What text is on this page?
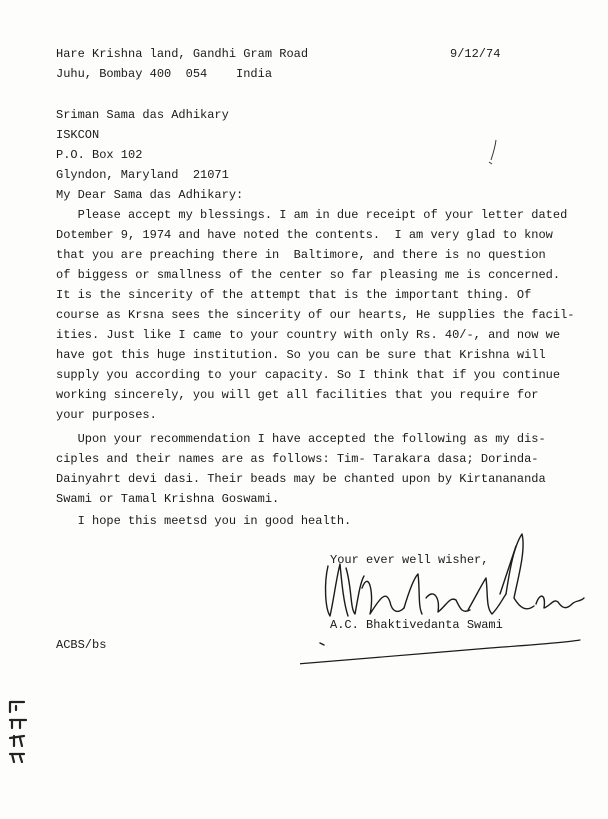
Hare Krishna land, Gandhi Gram Road
Juhu, Bombay 400  054    India
9/12/74
Sriman Sama das Adhikary
ISKCON
P.O. Box 102
Glyndon, Maryland  21071
My Dear Sama das Adhikary:
Please accept my blessings. I am in due receipt of your letter dated
Dotember 9, 1974 and have noted the contents.  I am very glad to know
that you are preaching there in  Baltimore, and there is no question
of biggess or smallness of the center so far pleasing me is concerned.
It is the sincerity of the attempt that is the important thing. Of
course as Krsna sees the sincerity of our hearts, He supplies the facil-
ities. Just like I came to your country with only Rs. 40/-, and now we
have got this huge institution. So you can be sure that Krishna will
supply you according to your capacity. So I think that if you continue
working sincerely, you will get all facilities that you require for
your purposes.
Upon your recommendation I have accepted the following as my dis-
ciples and their names are as follows: Tim- Tarakara dasa; Dorinda-
Dainyahrt devi dasi. Their beads may be chanted upon by Kirtanananda
Swami or Tamal Krishna Goswami.
I hope this meetsd you in good health.
Your ever well wisher,
A.C. Bhaktivedanta Swami
ACBS/bs
